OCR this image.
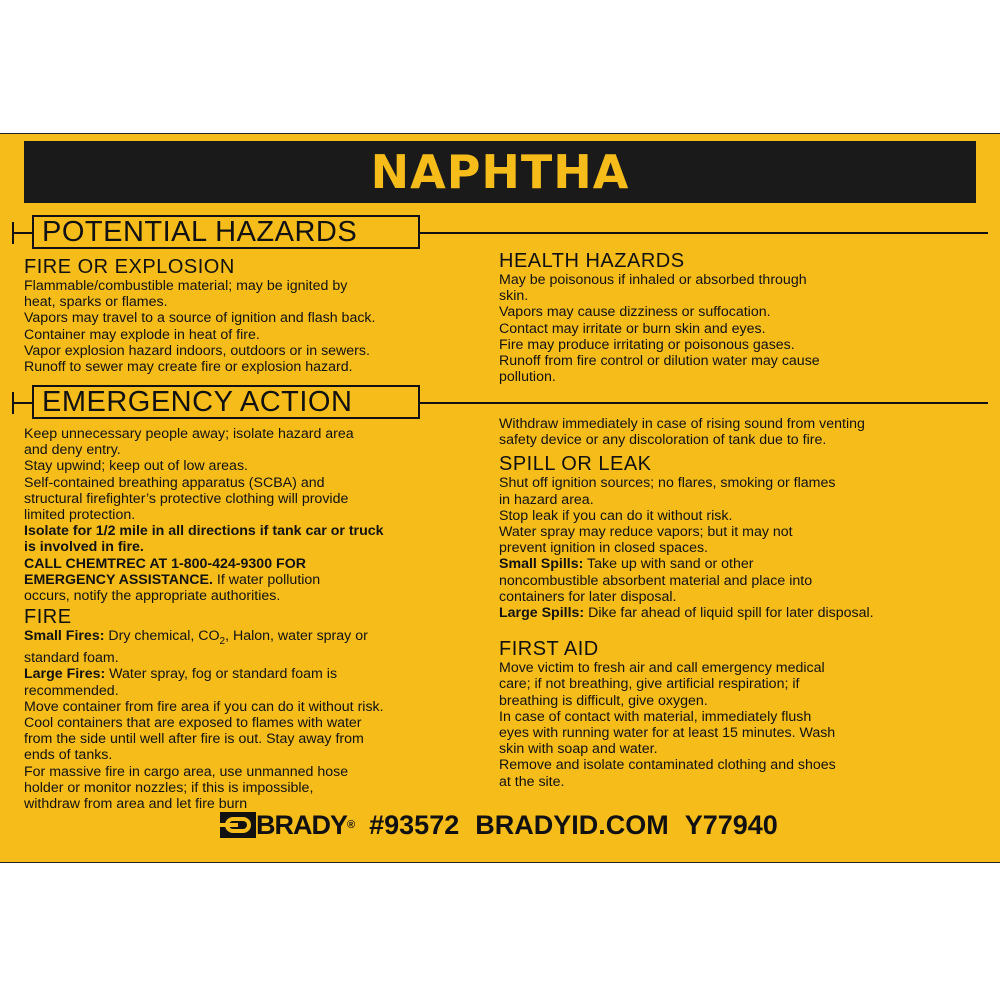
NAPHTHA
POTENTIAL HAZARDS
FIRE OR EXPLOSION

Flammable/combustible material; may be ignited by

heat, sparks or flames.

Vapors may travel to a source of ignition and flash back.

Container may explode in heat of fire.

Vapor explosion hazard indoors, outdoors or in sewers.

Runoff to sewer may create fire or explosion hazard.

HEALTH HAZARDS

May be poisonous if inhaled or absorbed through

skin.

Vapors may cause dizziness or suffocation.

Contact may irritate or burn skin and eyes.

Fire may produce irritating or poisonous gases.

Runoff from fire control or dilution water may cause

pollution.

EMERGENCY ACTION

Keep unnecessary people away; isolate hazard area

and deny entry.

Stay upwind; keep out of low areas.

Self-contained breathing apparatus (SCBA) and

structural firefighter’s protective clothing will provide

limited protection.

Isolate for 1/2 mile in all directions if tank car or truck

is involved in fire.

CALL CHEMTREC AT 1-800-424-9300 FOR

EMERGENCY ASSISTANCE. If water pollution

occurs, notify the appropriate authorities.

FIRE

Small Fires: Dry chemical, $CO_2$, Halon, water spray or

standard foam.

Large Fires: Water spray, fog or standard foam is

recommended.

Move container from fire area if you can do it without risk.

Cool containers that are exposed to flames with water

from the side until well after fire is out. Stay away from

ends of tanks.

For massive fire in cargo area, use unmanned hose

holder or monitor nozzles; if this is impossible,

withdraw from area and let fire burn

Withdraw immediately in case of rising sound from venting

safety device or any discoloration of tank due to fire.

SPILL OR LEAK

Shut off ignition sources; no flares, smoking or flames

in hazard area.

Stop leak if you can do it without risk.

Water spray may reduce vapors; but it may not

prevent ignition in closed spaces.

Small Spills: Take up with sand or other

noncombustible absorbent material and place into

containers for later disposal.

Large Spills: Dike far ahead of liquid spill for later disposal.

FIRST AID

Move victim to fresh air and call emergency medical

care; if not breathing, give artificial respiration; if

breathing is difficult, give oxygen.

In case of contact with material, immediately flush

eyes with running water for at least 15 minutes. Wash

skin with soap and water.

Remove and isolate contaminated clothing and shoes

at the site.

BRADY ® #93572 BRADYID.COM Y77940
